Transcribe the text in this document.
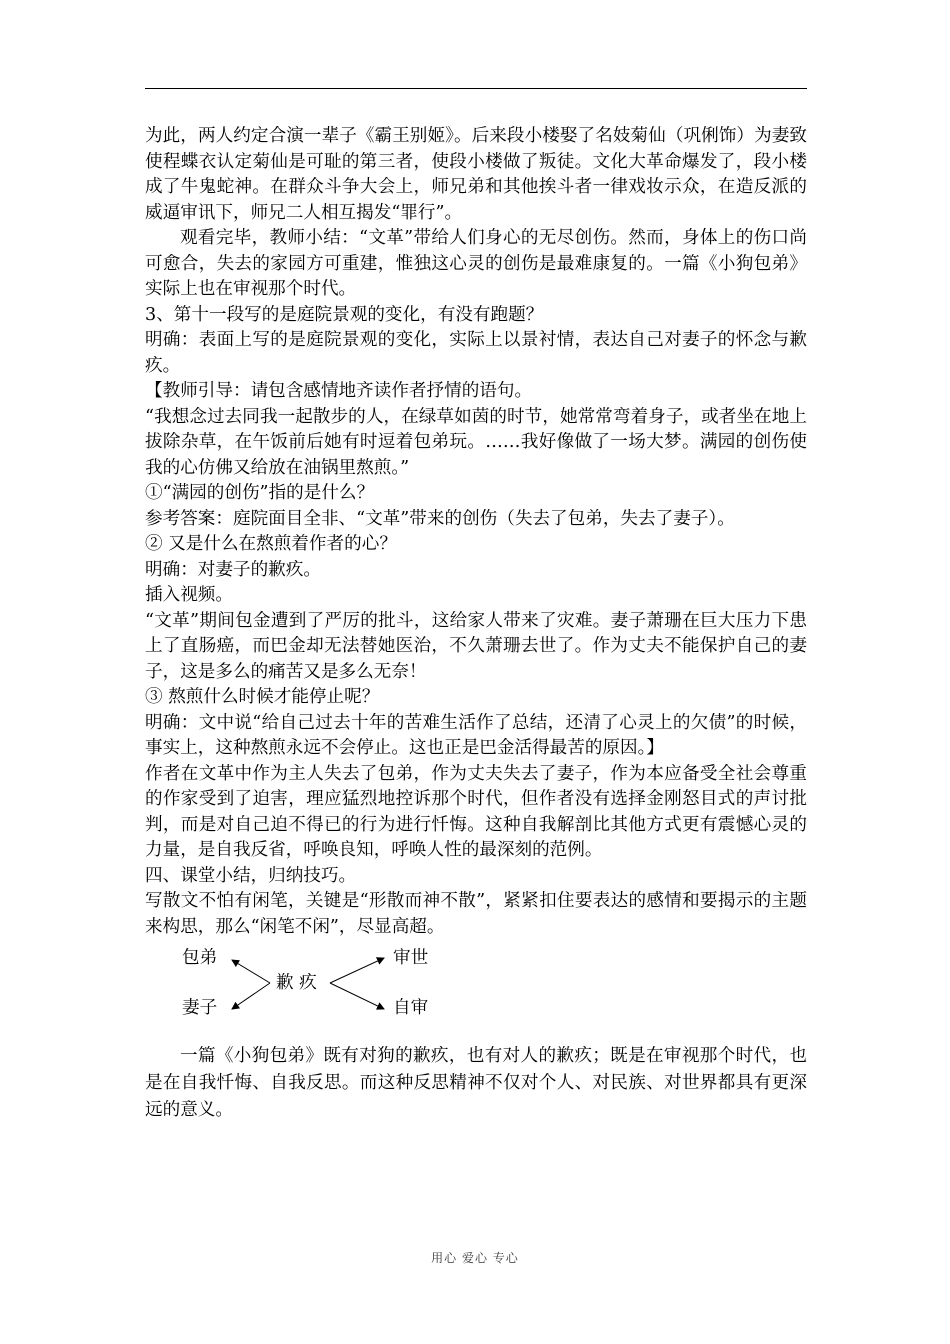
为此，两人约定合演一辈子《霸王别姬》。后来段小楼娶了名妓菊仙（巩俐饰）为妻致使程蝶衣认定菊仙是可耻的第三者，使段小楼做了叛徒。文化大革命爆发了，段小楼成了牛鬼蛇神。在群众斗争大会上，师兄弟和其他挨斗者一律戏妆示众，在造反派的威逼审讯下，师兄二人相互揭发“罪行”。

观看完毕，教师小结：“文革”带给人们身心的无尽创伤。然而，身体上的伤口尚可愈合，失去的家园方可重建，惟独这心灵的创伤是最难康复的。一篇《小狗包弟》实际上也在审视那个时代。

3、第十一段写的是庭院景观的变化，有没有跑题？

明确：表面上写的是庭院景观的变化，实际上以景衬情，表达自己对妻子的怀念与歉疚。

【教师引导：请包含感情地齐读作者抒情的语句。

“我想念过去同我一起散步的人，在绿草如茵的时节，她常常弯着身子，或者坐在地上拔除杂草，在午饭前后她有时逗着包弟玩。……我好像做了一场大梦。满园的创伤使我的心仿佛又给放在油锅里熬煎。”

①“满园的创伤”指的是什么？

参考答案：庭院面目全非、“文革”带来的创伤（失去了包弟，失去了妻子）。

② 又是什么在熬煎着作者的心？

明确：对妻子的歉疚。

插入视频。

“文革”期间包金遭到了严厉的批斗，这给家人带来了灾难。妻子萧珊在巨大压力下患上了直肠癌，而巴金却无法替她医治，不久萧珊去世了。作为丈夫不能保护自己的妻子，这是多么的痛苦又是多么无奈！

③ 熬煎什么时候才能停止呢？

明确：文中说“给自己过去十年的苦难生活作了总结，还清了心灵上的欠债”的时候，事实上，这种熬煎永远不会停止。这也正是巴金活得最苦的原因。】

作者在文革中作为主人失去了包弟，作为丈夫失去了妻子，作为本应备受全社会尊重的作家受到了迫害，理应猛烈地控诉那个时代，但作者没有选择金刚怒目式的声讨批判，而是对自己迫不得已的行为进行忏悔。这种自我解剖比其他方式更有震憾心灵的力量，是自我反省，呼唤良知，呼唤人性的最深刻的范例。

四、课堂小结，归纳技巧。

写散文不怕有闲笔，关键是“形散而神不散”，紧紧扣住要表达的感情和要揭示的主题来构思，那么“闲笔不闲”，尽显高超。

包弟
妻子
歉 疚
审世
自审

一篇《小狗包弟》既有对狗的歉疚，也有对人的歉疚；既是在审视那个时代，也是在自我忏悔、自我反思。而这种反思精神不仅对个人、对民族、对世界都具有更深远的意义。

用心 爱心 专心
